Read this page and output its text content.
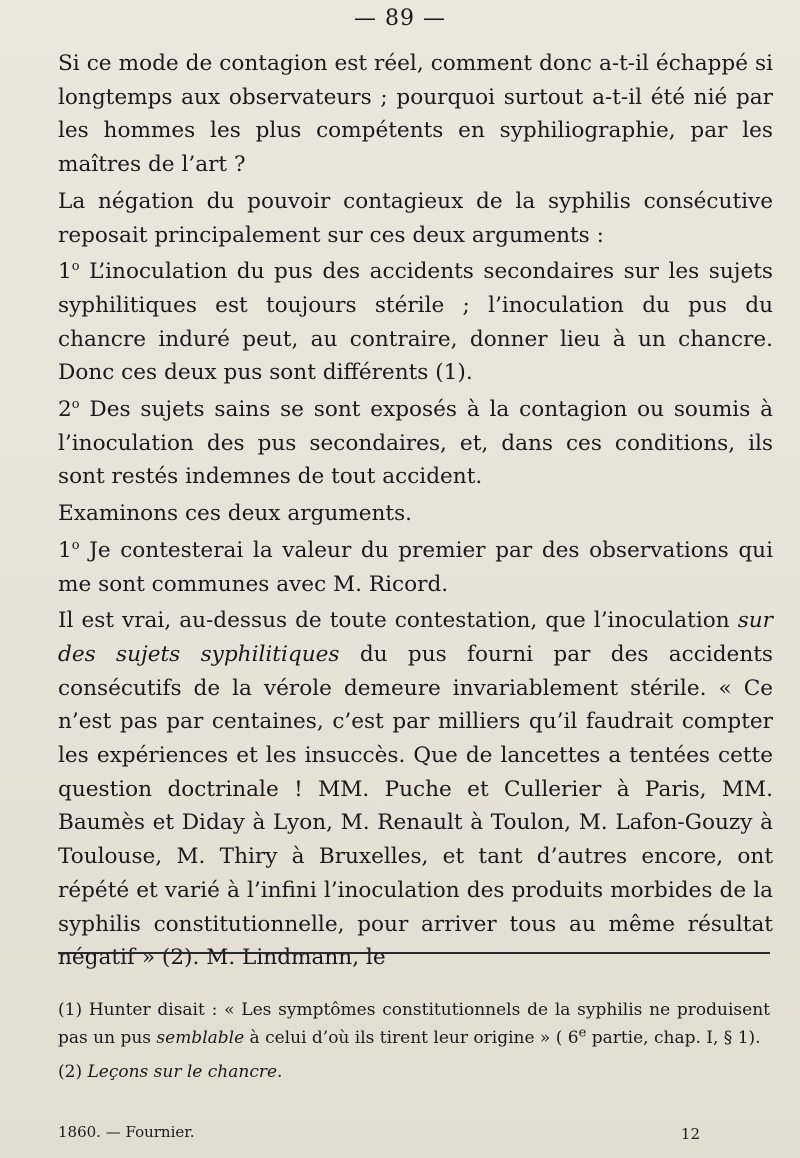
— 89 —

Si ce mode de contagion est réel, comment donc a-t-il échappé si longtemps aux observateurs ; pourquoi surtout a-t-il été nié par les hommes les plus compétents en syphiliographie, par les maîtres de l’art ?

La négation du pouvoir contagieux de la syphilis consécutive reposait principalement sur ces deux arguments :

1$^o$ L’inoculation du pus des accidents secondaires sur les sujets syphilitiques est toujours stérile ; l’inoculation du pus du chancre induré peut, au contraire, donner lieu à un chancre. Donc ces deux pus sont différents (1).

2$^o$ Des sujets sains se sont exposés à la contagion ou soumis à l’inoculation des pus secondaires, et, dans ces conditions, ils sont restés indemnes de tout accident.

Examinons ces deux arguments.

1$^o$ Je contesterai la valeur du premier par des observations qui me sont communes avec M. Ricord.

Il est vrai, au-dessus de toute contestation, que l’inoculation sur des sujets syphilitiques du pus fourni par des accidents consécutifs de la vérole demeure invariablement stérile. « Ce n’est pas par centaines, c’est par milliers qu’il faudrait compter les expériences et les insuccès. Que de lancettes a tentées cette question doctrinale ! MM. Puche et Cullerier à Paris, MM. Baumès et Diday à Lyon, M. Renault à Toulon, M. Lafon-Gouzy à Toulouse, M. Thiry à Bruxelles, et tant d’autres encore, ont répété et varié à l’infini l’inoculation des produits morbides de la syphilis constitutionnelle, pour arriver tous au même résultat négatif » (2). M. Lindmann, le

(1) Hunter disait : « Les symptômes constitutionnels de la syphilis ne produisent pas un pus semblable à celui d’où ils tirent leur origine » ( 6e partie, chap. I, § 1).

(2) Leçons sur le chancre.

1860. — Fournier.	12
